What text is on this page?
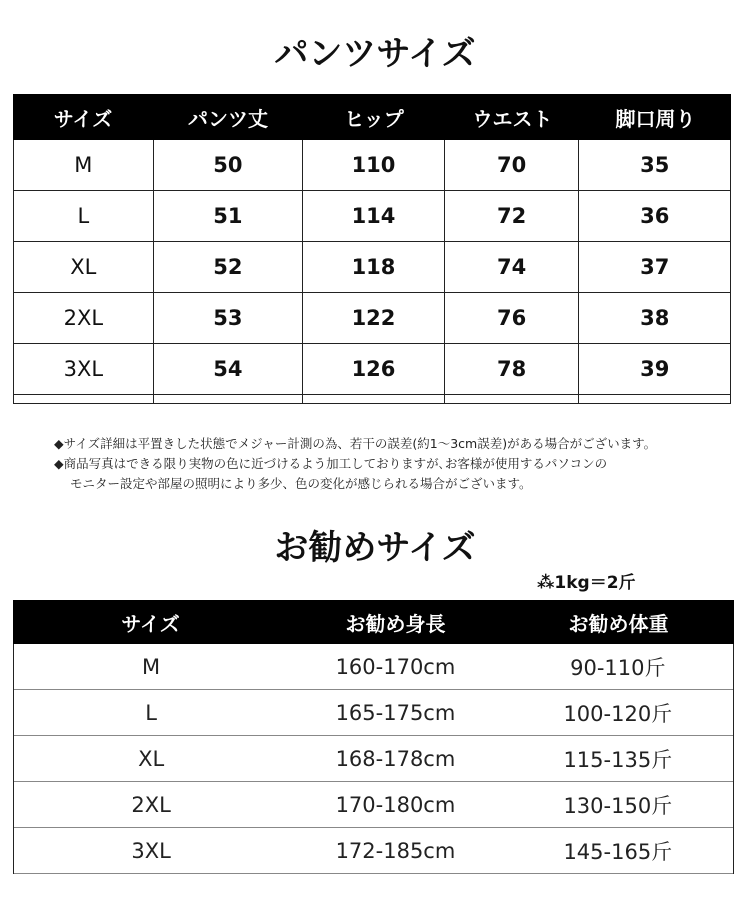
パンツサイズ
サイズ	パンツ丈	ヒップ	ウエスト	脚口周り
M	50	110	70	35
L	51	114	72	36
XL	52	118	74	37
2XL	53	122	76	38
3XL	54	126	78	39
◆サイズ詳細は平置きした状態でメジャー計測の為、若干の誤差(約1〜3cm誤差)がある場合がございます。
◆商品写真はできる限り実物の色に近づけるよう加工しておりますが､お客様が使用するパソコンの
モニター設定や部屋の照明により多少、色の変化が感じられる場合がございます。
お勧めサイズ
⁂1kg＝2斤
サイズ	お勧め身長	お勧め体重
M	160-170cm	90-110斤
L	165-175cm	100-120斤
XL	168-178cm	115-135斤
2XL	170-180cm	130-150斤
3XL	172-185cm	145-165斤
